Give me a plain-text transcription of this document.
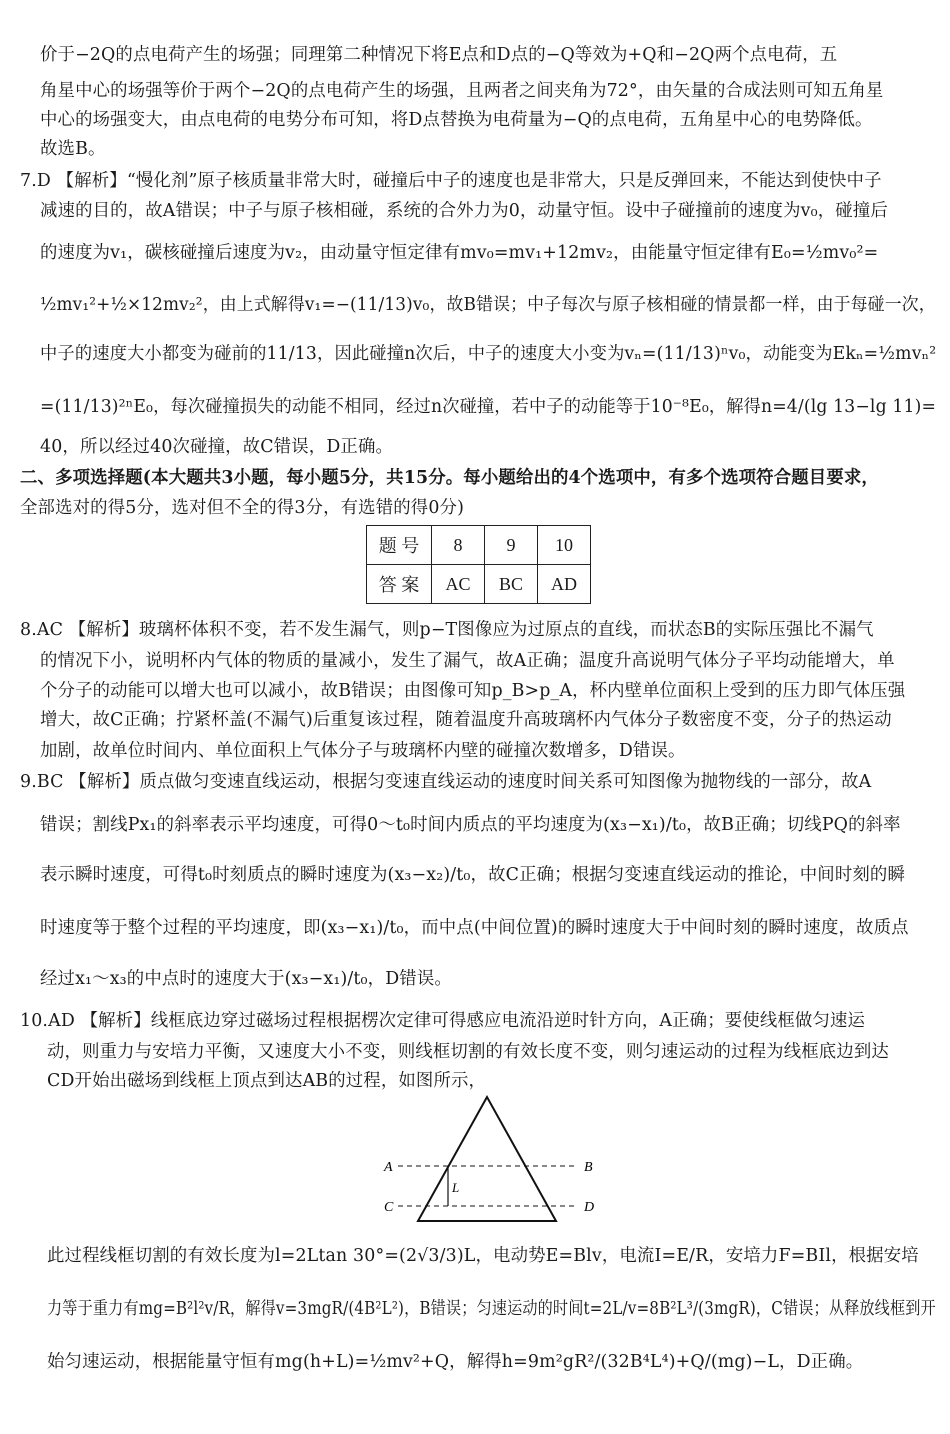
价于−2Q的点电荷产生的场强；同理第二种情况下将E点和D点的−Q等效为+Q和−2Q两个点电荷，五
角星中心的场强等价于两个−2Q的点电荷产生的场强，且两者之间夹角为72°，由矢量的合成法则可知五角星
中心的场强变大，由点电荷的电势分布可知，将D点替换为电荷量为−Q的点电荷，五角星中心的电势降低。
故选B。
7.D 【解析】“慢化剂”原子核质量非常大时，碰撞后中子的速度也是非常大，只是反弹回来，不能达到使快中子
减速的目的，故A错误；中子与原子核相碰，系统的合外力为0，动量守恒。设中子碰撞前的速度为v₀，碰撞后
的速度为v₁，碳核碰撞后速度为v₂，由动量守恒定律有mv₀=mv₁+12mv₂，由能量守恒定律有E₀=½mv₀²=
½mv₁²+½×12mv₂²，由上式解得v₁=−(11/13)v₀，故B错误；中子每次与原子核相碰的情景都一样，由于每碰一次，
中子的速度大小都变为碰前的11/13，因此碰撞n次后，中子的速度大小变为vₙ=(11/13)ⁿv₀，动能变为Ekₙ=½mvₙ²
=(11/13)²ⁿE₀，每次碰撞损失的动能不相同，经过n次碰撞，若中子的动能等于10⁻⁸E₀，解得n=4/(lg 13−lg 11)=
40，所以经过40次碰撞，故C错误，D正确。
二、多项选择题(本大题共3小题，每小题5分，共15分。每小题给出的4个选项中，有多个选项符合题目要求，
全部选对的得5分，选对但不全的得3分，有选错的得0分)
题 号	8	9	10
答 案	AC	BC	AD
8.AC 【解析】玻璃杯体积不变，若不发生漏气，则p−T图像应为过原点的直线，而状态B的实际压强比不漏气
的情况下小，说明杯内气体的物质的量减小，发生了漏气，故A正确；温度升高说明气体分子平均动能增大，单
个分子的动能可以增大也可以减小，故B错误；由图像可知p_B>p_A，杯内壁单位面积上受到的压力即气体压强
增大，故C正确；拧紧杯盖(不漏气)后重复该过程，随着温度升高玻璃杯内气体分子数密度不变，分子的热运动
加剧，故单位时间内、单位面积上气体分子与玻璃杯内壁的碰撞次数增多，D错误。
9.BC 【解析】质点做匀变速直线运动，根据匀变速直线运动的速度时间关系可知图像为抛物线的一部分，故A
错误；割线Px₁的斜率表示平均速度，可得0～t₀时间内质点的平均速度为(x₃−x₁)/t₀，故B正确；切线PQ的斜率
表示瞬时速度，可得t₀时刻质点的瞬时速度为(x₃−x₂)/t₀，故C正确；根据匀变速直线运动的推论，中间时刻的瞬
时速度等于整个过程的平均速度，即(x₃−x₁)/t₀，而中点(中间位置)的瞬时速度大于中间时刻的瞬时速度，故质点
经过x₁～x₃的中点时的速度大于(x₃−x₁)/t₀，D错误。
10.AD 【解析】线框底边穿过磁场过程根据楞次定律可得感应电流沿逆时针方向，A正确；要使线框做匀速运
动，则重力与安培力平衡，又速度大小不变，则线框切割的有效长度不变，则匀速运动的过程为线框底边到达
CD开始出磁场到线框上顶点到达AB的过程，如图所示，
A	B
C	D
L
此过程线框切割的有效长度为l=2Ltan 30°=(2√3/3)L，电动势E=Blv，电流I=E/R，安培力F=BIl，根据安培
力等于重力有mg=B²l²v/R，解得v=3mgR/(4B²L²)，B错误；匀速运动的时间t=2L/v=8B²L³/(3mgR)，C错误；从释放线框到开
始匀速运动，根据能量守恒有mg(h+L)=½mv²+Q，解得h=9m²gR²/(32B⁴L⁴)+Q/(mg)−L，D正确。
